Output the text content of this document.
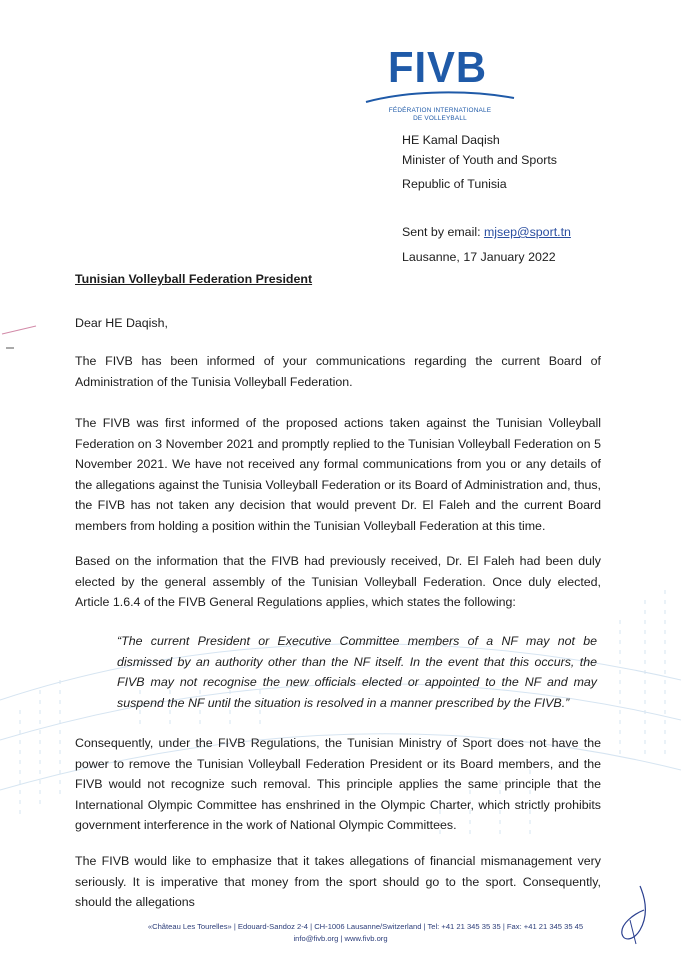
FIVB
FÉDÉRATION INTERNATIONALE
DE VOLLEYBALL
HE Kamal Daqish
Minister of Youth and Sports
Republic of Tunisia
Sent by email: mjsep@sport.tn
Lausanne, 17 January 2022
Tunisian Volleyball Federation President
Dear HE Daqish,

The FIVB has been informed of your communications regarding the current Board of Administration of the Tunisia Volleyball Federation.

The FIVB was first informed of the proposed actions taken against the Tunisian Volleyball Federation on 3 November 2021 and promptly replied to the Tunisian Volleyball Federation on 5 November 2021. We have not received any formal communications from you or any details of the allegations against the Tunisia Volleyball Federation or its Board of Administration and, thus, the FIVB has not taken any decision that would prevent Dr. El Faleh and the current Board members from holding a position within the Tunisian Volleyball Federation at this time.

Based on the information that the FIVB had previously received, Dr. El Faleh had been duly elected by the general assembly of the Tunisian Volleyball Federation. Once duly elected, Article 1.6.4 of the FIVB General Regulations applies, which states the following:

“The current President or Executive Committee members of a NF may not be dismissed by an authority other than the NF itself. In the event that this occurs, the FIVB may not recognise the new officials elected or appointed to the NF and may suspend the NF until the situation is resolved in a manner prescribed by the FIVB.”

Consequently, under the FIVB Regulations, the Tunisian Ministry of Sport does not have the power to remove the Tunisian Volleyball Federation President or its Board members, and the FIVB would not recognize such removal. This principle applies the same principle that the International Olympic Committee has enshrined in the Olympic Charter, which strictly prohibits government interference in the work of National Olympic Committees.

The FIVB would like to emphasize that it takes allegations of financial mismanagement very seriously. It is imperative that money from the sport should go to the sport. Consequently, should the allegations

«Château Les Tourelles» | Edouard-Sandoz 2-4 | CH-1006 Lausanne/Switzerland | Tel: +41 21 345 35 35 | Fax: +41 21 345 35 45
info@fivb.org | www.fivb.org
